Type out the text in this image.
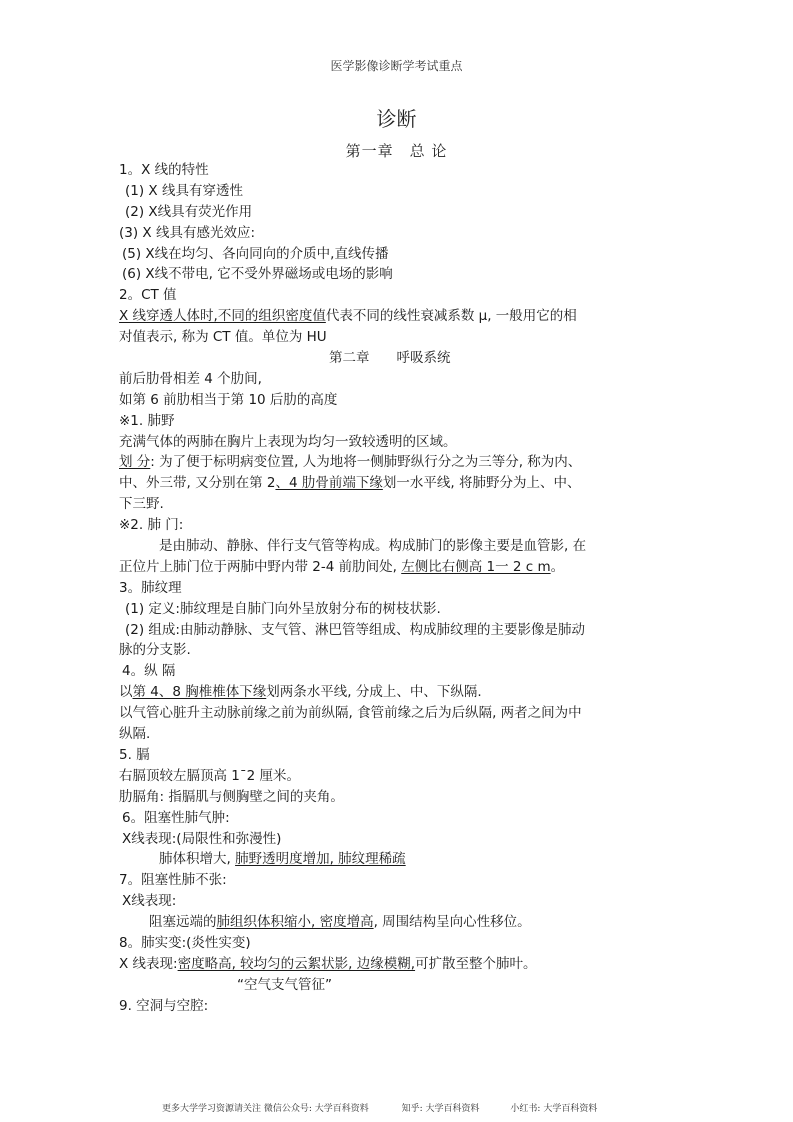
医学影像诊断学考试重点
诊断
第一章　总 论
1。X 线的特性
(1) X 线具有穿透性
(2) X线具有荧光作用
(3) X 线具有感光效应:
(5) X线在均匀、各向同向的介质中,直线传播
(6) X线不带电, 它不受外界磁场或电场的影响
2。CT 值
X 线穿透人体时,不同的组织密度值代表不同的线性衰减系数 μ, 一般用它的相
对值表示, 称为 CT 值。单位为 HU
第二章　　呼吸系统
前后肋骨相差 4 个肋间,
如第 6 前肋相当于第 10 后肋的高度
※1. 肺野
充满气体的两肺在胸片上表现为均匀一致较透明的区域。
划 分: 为了便于标明病变位置, 人为地将一侧肺野纵行分之为三等分, 称为内、
中、外三带, 又分别在第 2、4 肋骨前端下缘划一水平线, 将肺野分为上、中、
下三野.
※2. 肺 门:
是由肺动、静脉、伴行支气管等构成。构成肺门的影像主要是血管影, 在
正位片上肺门位于两肺中野内带 2-4 前肋间处, 左侧比右侧高 1一 2 c m。
3。肺纹理
(1) 定义:肺纹理是自肺门向外呈放射分布的树枝状影.
(2) 组成:由肺动静脉、支气管、淋巴管等组成、构成肺纹理的主要影像是肺动
脉的分支影.
4。纵 隔
以第 4、8 胸椎椎体下缘划两条水平线, 分成上、中、下纵隔.
以气管心脏升主动脉前缘之前为前纵隔, 食管前缘之后为后纵隔, 两者之间为中
纵隔.
5. 膈
右膈顶较左膈顶高 1¯2 厘米。
肋膈角: 指膈肌与侧胸壁之间的夹角。
6。阻塞性肺气肿:
X线表现:(局限性和弥漫性)
肺体积增大, 肺野透明度增加, 肺纹理稀疏
7。阻塞性肺不张:
X线表现:
阻塞远端的肺组织体积缩小, 密度增高, 周围结构呈向心性移位。
8。肺实变:(炎性实变)
X 线表现:密度略高, 较均匀的云絮状影, 边缘模糊,可扩散至整个肺叶。
“空气支气管征”
9. 空洞与空腔:
更多大学学习资源请关注 微信公众号: 大学百科资料	知乎: 大学百科资料	小红书: 大学百科资料
